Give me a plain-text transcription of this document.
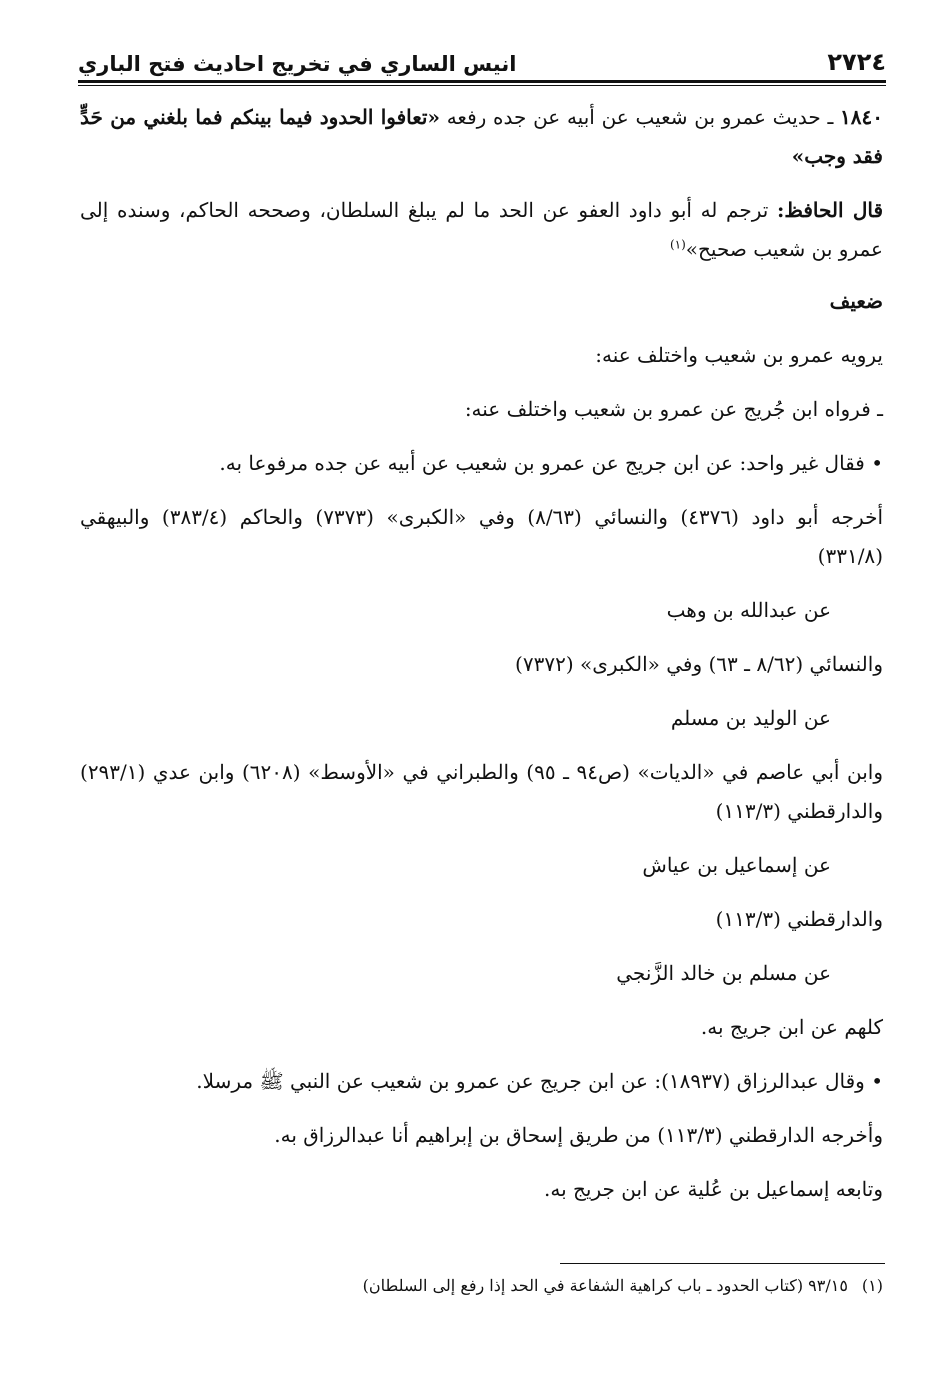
٢٧٢٤
انيس الساري في تخريج احاديث فتح الباري

١٨٤٠ ـ حديث عمرو بن شعيب عن أبيه عن جده رفعه «تعافوا الحدود فيما بينكم فما بلغني من حَدٍّ فقد وجب»

قال الحافظ: ترجم له أبو داود العفو عن الحد ما لم يبلغ السلطان، وصححه الحاكم، وسنده إلى عمرو بن شعيب صحيح»$^{(١)}$

ضعيف

يرويه عمرو بن شعيب واختلف عنه:

ـ فرواه ابن جُريج عن عمرو بن شعيب واختلف عنه:

• فقال غير واحد: عن ابن جريج عن عمرو بن شعيب عن أبيه عن جده مرفوعا به.

أخرجه أبو داود (٤٣٧٦) والنسائي (٨/٦٣) وفي «الكبرى» (٧٣٧٣) والحاكم (٣٨٣/٤) والبيهقي (٣٣١/٨)

عن عبدالله بن وهب

والنسائي (٨/٦٢ ـ ٦٣) وفي «الكبرى» (٧٣٧٢)

عن الوليد بن مسلم

وابن أبي عاصم في «الديات» (ص٩٤ ـ ٩٥) والطبراني في «الأوسط» (٦٢٠٨) وابن عدي (٢٩٣/١) والدارقطني (١١٣/٣)

عن إسماعيل بن عياش

والدارقطني (١١٣/٣)

عن مسلم بن خالد الزَّنجي

كلهم عن ابن جريج به.

• وقال عبدالرزاق (١٨٩٣٧): عن ابن جريج عن عمرو بن شعيب عن النبي ﷺ مرسلا.

وأخرجه الدارقطني (١١٣/٣) من طريق إسحاق بن إبراهيم أنا عبدالرزاق به.

وتابعه إسماعيل بن عُلية عن ابن جريج به.

(١)٩٣/١٥ (كتاب الحدود ـ باب كراهية الشفاعة في الحد إذا رفع إلى السلطان)
